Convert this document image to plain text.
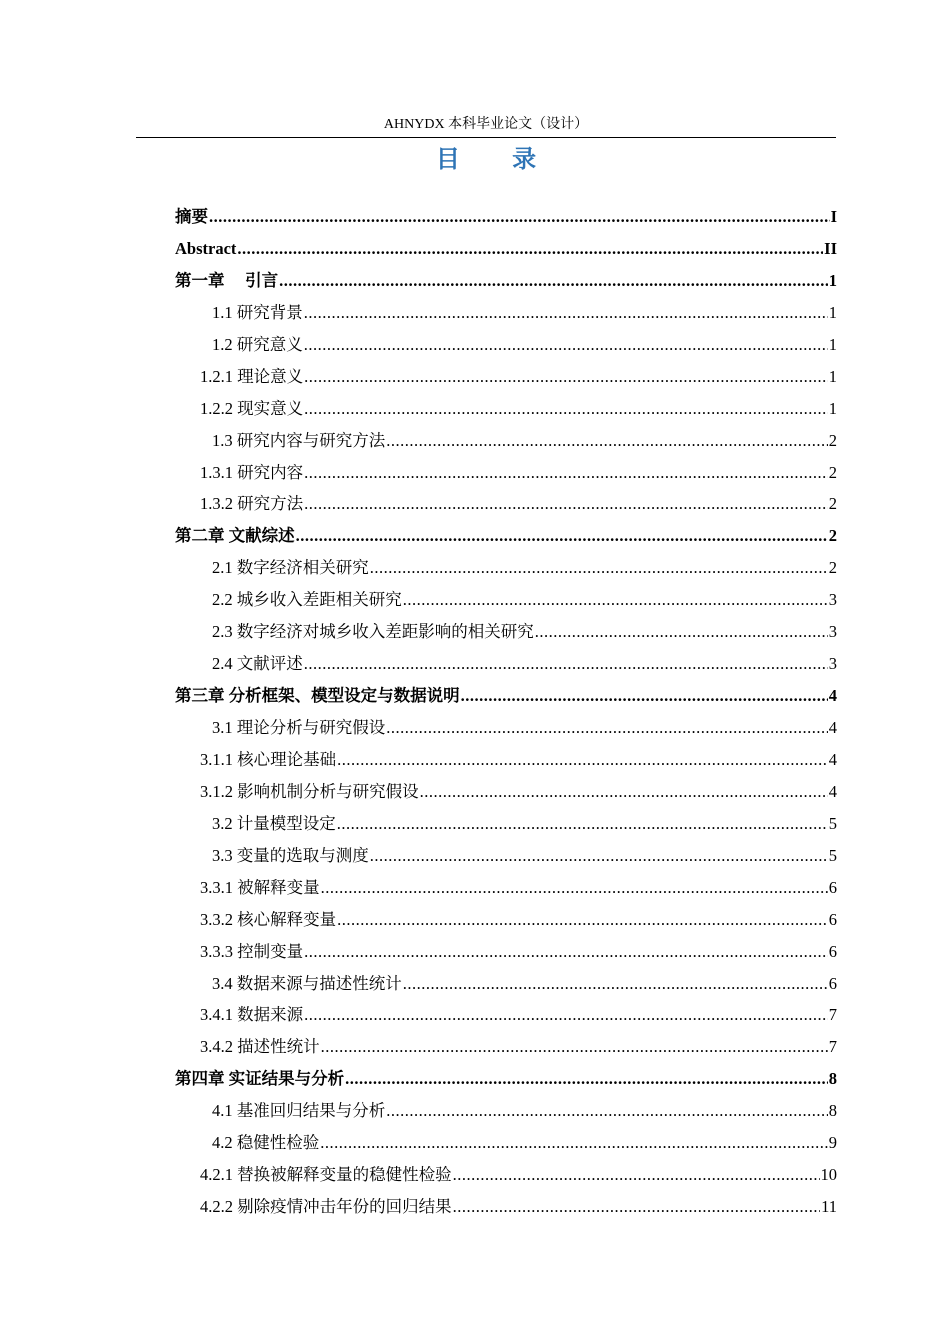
AHNYDX 本科毕业论文（设计）
目 录
摘要 .....	I
Abstract .....	II
第一章　 引言 .....	1
1.1 研究背景 .....	1
1.2 研究意义 .....	1
1.2.1 理论意义 .....	1
1.2.2 现实意义 .....	1
1.3 研究内容与研究方法 .....	2
1.3.1 研究内容 .....	2
1.3.2 研究方法 .....	2
第二章 文献综述 .....	2
2.1 数字经济相关研究 .....	2
2.2 城乡收入差距相关研究 .....	3
2.3 数字经济对城乡收入差距影响的相关研究 .....	3
2.4 文献评述 .....	3
第三章 分析框架、模型设定与数据说明 .....	4
3.1 理论分析与研究假设 .....	4
3.1.1 核心理论基础 .....	4
3.1.2 影响机制分析与研究假设 .....	4
3.2 计量模型设定 .....	5
3.3 变量的选取与测度 .....	5
3.3.1 被解释变量 .....	6
3.3.2 核心解释变量 .....	6
3.3.3 控制变量 .....	6
3.4 数据来源与描述性统计 .....	6
3.4.1 数据来源 .....	7
3.4.2 描述性统计 .....	7
第四章 实证结果与分析 .....	8
4.1 基准回归结果与分析 .....	8
4.2 稳健性检验 .....	9
4.2.1 替换被解释变量的稳健性检验 .....	10
4.2.2 剔除疫情冲击年份的回归结果 .....	11
